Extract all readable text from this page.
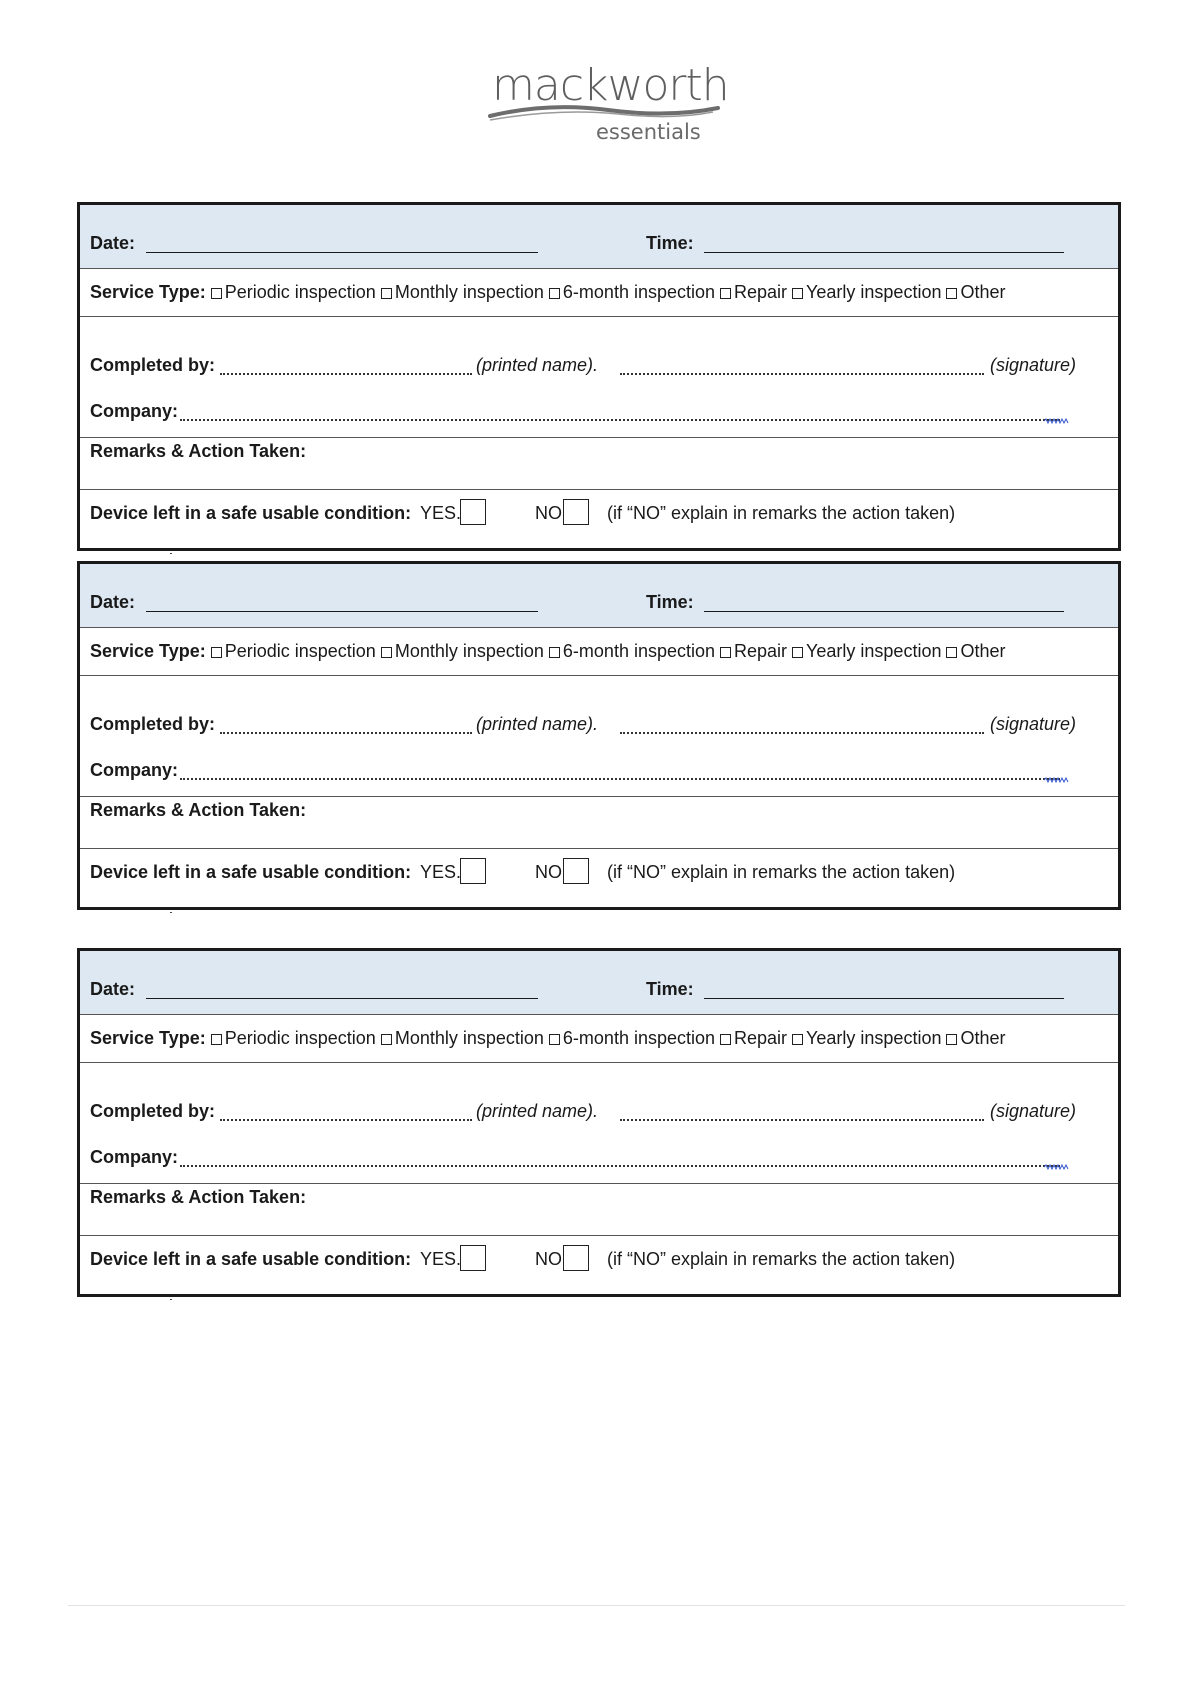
mackworth
essentials
Date:	Time:
Service Type: Periodic inspection Monthly inspection 6-month inspection Repair Yearly inspection Other
Completed by:	(printed name).	(signature)
Company:
Remarks & Action Taken:
Device left in a safe usable condition: YES.	NO	(if “NO” explain in remarks the action taken)
Date:	Time:
Service Type: Periodic inspection Monthly inspection 6-month inspection Repair Yearly inspection Other
Completed by:	(printed name).	(signature)
Company:
Remarks & Action Taken:
Device left in a safe usable condition: YES.	NO	(if “NO” explain in remarks the action taken)
Date:	Time:
Service Type: Periodic inspection Monthly inspection 6-month inspection Repair Yearly inspection Other
Completed by:	(printed name).	(signature)
Company:
Remarks & Action Taken:
Device left in a safe usable condition: YES.	NO	(if “NO” explain in remarks the action taken)
